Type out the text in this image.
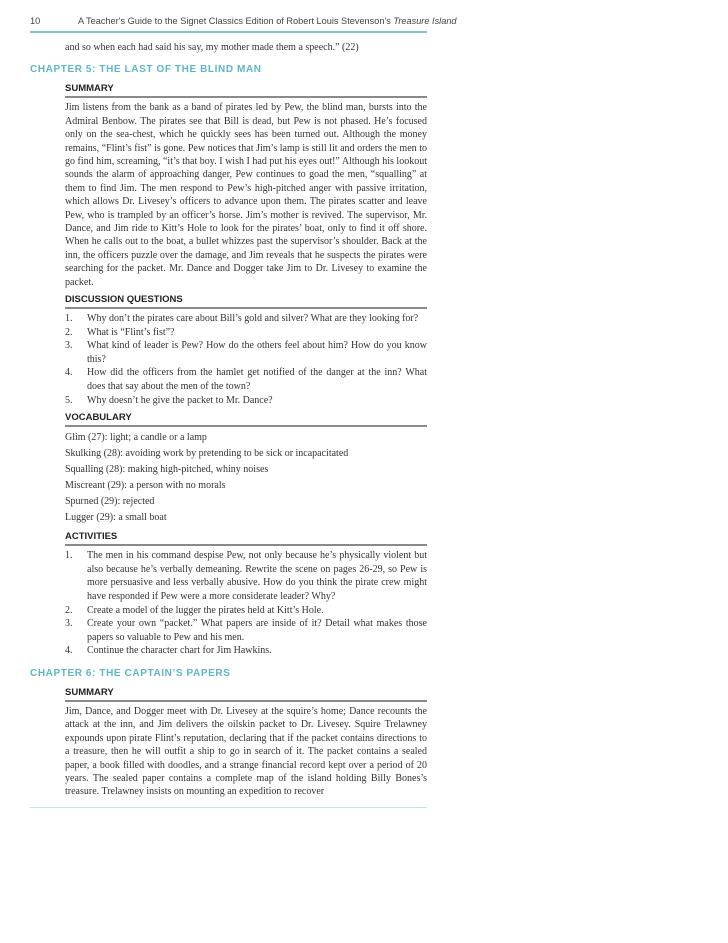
10	A Teacher's Guide to the Signet Classics Edition of Robert Louis Stevenson's Treasure Island
and so when each had said his say, my mother made them a speech.” (22)
CHAPTER 5: THE LAST OF THE BLIND MAN
SUMMARY
Jim listens from the bank as a band of pirates led by Pew, the blind man, bursts into the Admiral Benbow. The pirates see that Bill is dead, but Pew is not phased. He’s focused only on the sea-chest, which he quickly sees has been turned out. Although the money remains, “Flint’s fist” is gone. Pew notices that Jim’s lamp is still lit and orders the men to go find him, screaming, “it’s that boy. I wish I had put his eyes out!” Although his lookout sounds the alarm of approaching danger, Pew continues to goad the men, “squalling” at them to find Jim. The men respond to Pew’s high-pitched anger with passive irritation, which allows Dr. Livesey’s officers to advance upon them. The pirates scatter and leave Pew, who is trampled by an officer’s horse. Jim’s mother is revived. The supervisor, Mr. Dance, and Jim ride to Kitt’s Hole to look for the pirates’ boat, only to find it off shore. When he calls out to the boat, a bullet whizzes past the supervisor’s shoulder. Back at the inn, the officers puzzle over the damage, and Jim reveals that he suspects the pirates were searching for the packet. Mr. Dance and Dogger take Jim to Dr. Livesey to examine the packet.
DISCUSSION QUESTIONS
1.	Why don’t the pirates care about Bill’s gold and silver? What are they looking for?
2.	What is “Flint’s fist”?
3.	What kind of leader is Pew? How do the others feel about him? How do you know this?
4.	How did the officers from the hamlet get notified of the danger at the inn? What does that say about the men of the town?
5.	Why doesn’t he give the packet to Mr. Dance?
VOCABULARY
Glim (27): light; a candle or a lamp
Skulking (28): avoiding work by pretending to be sick or incapacitated
Squalling (28): making high-pitched, whiny noises
Miscreant (29): a person with no morals
Spurned (29): rejected
Lugger (29): a small boat
ACTIVITIES
1.	The men in his command despise Pew, not only because he’s physically violent but also because he’s verbally demeaning. Rewrite the scene on pages 26-29, so Pew is more persuasive and less verbally abusive. How do you think the pirate crew might have responded if Pew were a more considerate leader? Why?
2.	Create a model of the lugger the pirates held at Kitt’s Hole.
3.	Create your own “packet.” What papers are inside of it? Detail what makes those papers so valuable to Pew and his men.
4.	Continue the character chart for Jim Hawkins.
CHAPTER 6: THE CAPTAIN’S PAPERS
SUMMARY
Jim, Dance, and Dogger meet with Dr. Livesey at the squire’s home; Dance recounts the attack at the inn, and Jim delivers the oilskin packet to Dr. Livesey. Squire Trelawney expounds upon pirate Flint’s reputation, declaring that if the packet contains directions to a treasure, then he will outfit a ship to go in search of it. The packet contains a sealed paper, a book filled with doodles, and a strange financial record kept over a period of 20 years. The sealed paper contains a complete map of the island holding Billy Bones’s treasure. Trelawney insists on mounting an expedition to recover
